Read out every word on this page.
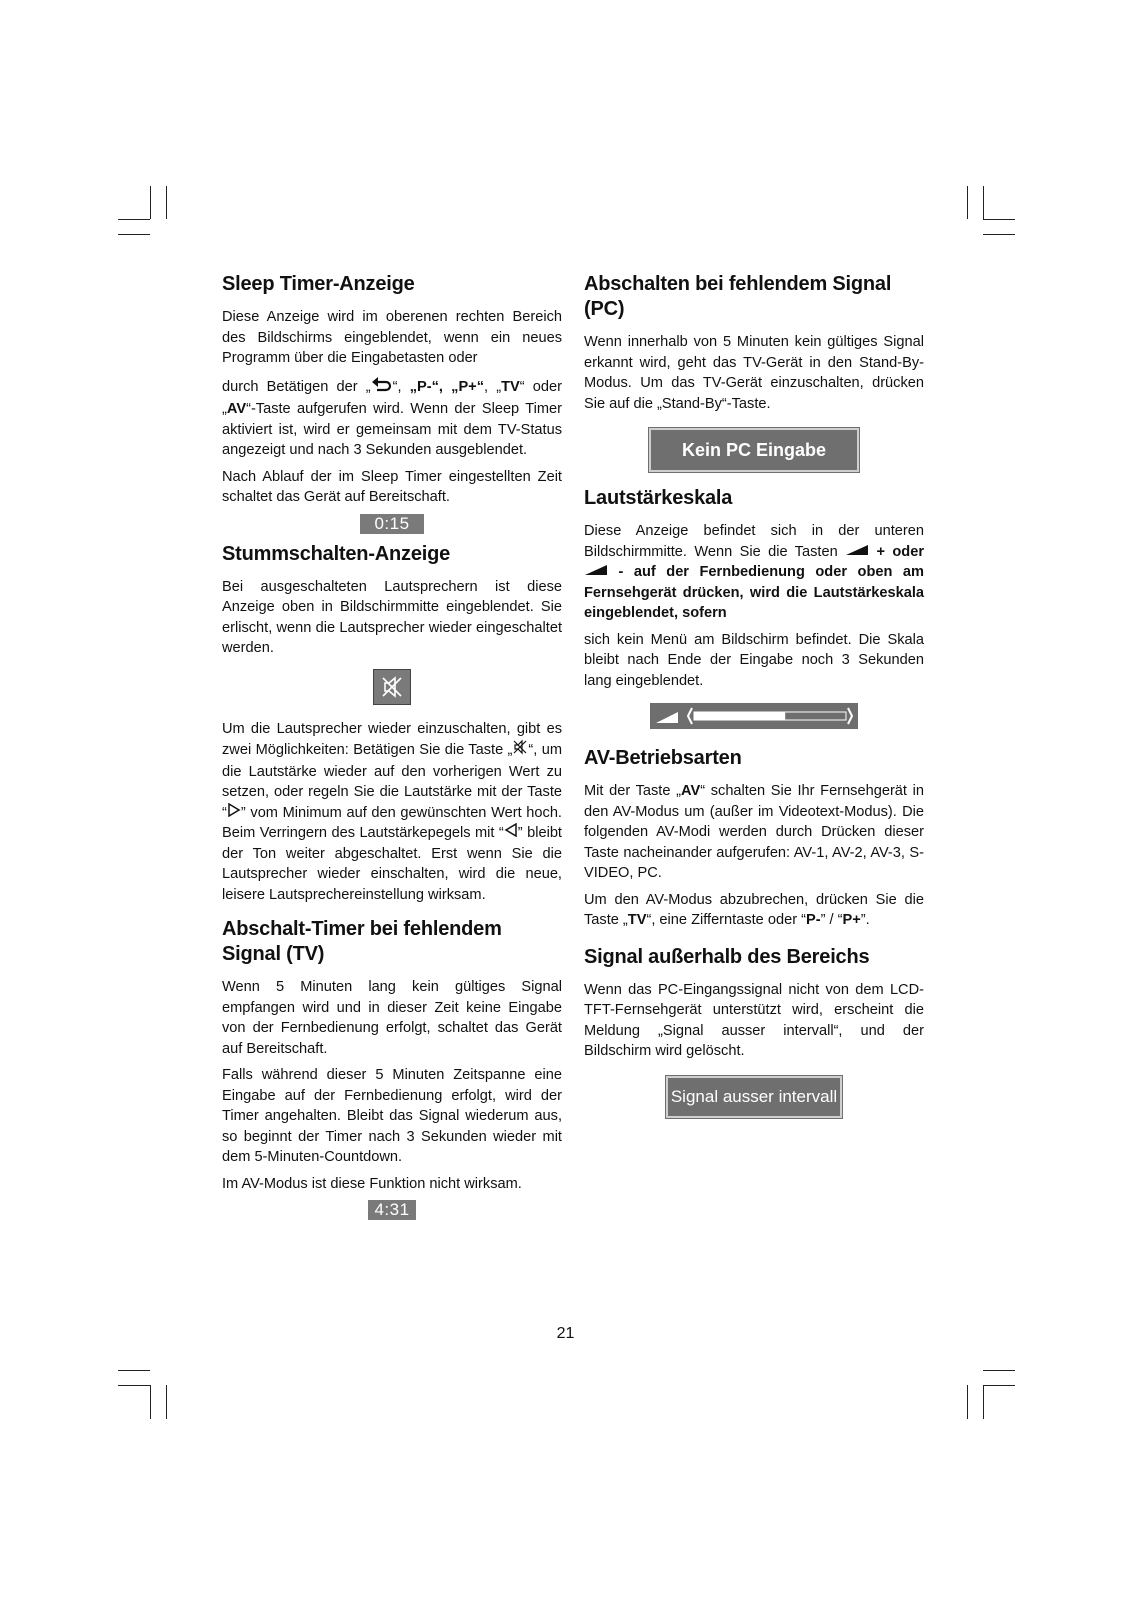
Sleep Timer-Anzeige

Diese Anzeige wird im oberenen rechten Bereich des Bildschirms eingeblendet, wenn ein neues Programm über die Eingabetasten oder

durch Betätigen der „ “, „P-“, „P+“, „TV“ oder „AV“-Taste aufgerufen wird. Wenn der Sleep Timer aktiviert ist, wird er gemeinsam mit dem TV-Status angezeigt und nach 3 Sekunden ausgeblendet.

Nach Ablauf der im Sleep Timer eingestellten Zeit schaltet das Gerät auf Bereitschaft.

0:15
Stummschalten-Anzeige

Bei ausgeschalteten Lautsprechern ist diese Anzeige oben in Bildschirmmitte eingeblendet. Sie erlischt, wenn die Lautsprecher wieder eingeschaltet werden.

Um die Lautsprecher wieder einzuschalten, gibt es zwei Möglichkeiten: Betätigen Sie die Taste „ “, um die Lautstärke wieder auf den vorherigen Wert zu setzen, oder regeln Sie die Lautstärke mit der Taste “ ” vom Minimum auf den gewünschten Wert hoch. Beim Verringern des Lautstärkepegels mit “ ” bleibt der Ton weiter abgeschaltet. Erst wenn Sie die Lautsprecher wieder einschalten, wird die neue, leisere Lautsprechereinstellung wirksam.

Abschalt-Timer bei fehlendem Signal (TV)

Wenn 5 Minuten lang kein gültiges Signal empfangen wird und in dieser Zeit keine Eingabe von der Fernbedienung erfolgt, schaltet das Gerät auf Bereitschaft.

Falls während dieser 5 Minuten Zeitspanne eine Eingabe auf der Fernbedienung erfolgt, wird der Timer angehalten. Bleibt das Signal wiederum aus, so beginnt der Timer nach 3 Sekunden wieder mit dem 5-Minuten-Countdown.

Im AV-Modus ist diese Funktion nicht wirksam.

4:31
Abschalten bei fehlendem Signal (PC)

Wenn innerhalb von 5 Minuten kein gültiges Signal erkannt wird, geht das TV-Gerät in den Stand-By-Modus. Um das TV-Gerät einzuschalten, drücken Sie auf die „Stand-By“-Taste.

Kein PC Eingabe
Lautstärkeskala

Diese Anzeige befindet sich in der unteren Bildschirmmitte. Wenn Sie die Tasten  + oder  - auf der Fernbedienung oder oben am Fernsehgerät drücken, wird die Lautstärkeskala eingeblendet, sofern

sich kein Menü am Bildschirm befindet. Die Skala bleibt nach Ende der Eingabe noch 3 Sekunden lang eingeblendet.

AV-Betriebsarten

Mit der Taste „AV“ schalten Sie Ihr Fernsehgerät in den AV-Modus um (außer im Videotext-Modus). Die folgenden AV-Modi werden durch Drücken dieser Taste nacheinander aufgerufen: AV-1, AV-2, AV-3, S-VIDEO, PC.

Um den AV-Modus abzubrechen, drücken Sie die Taste „TV“, eine Zifferntaste oder “P-” / “P+”.

Signal außerhalb des Bereichs

Wenn das PC-Eingangssignal nicht von dem LCD-TFT-Fernsehgerät unterstützt wird, erscheint die Meldung „Signal ausser intervall“, und der Bildschirm wird gelöscht.

Signal ausser intervall
21
